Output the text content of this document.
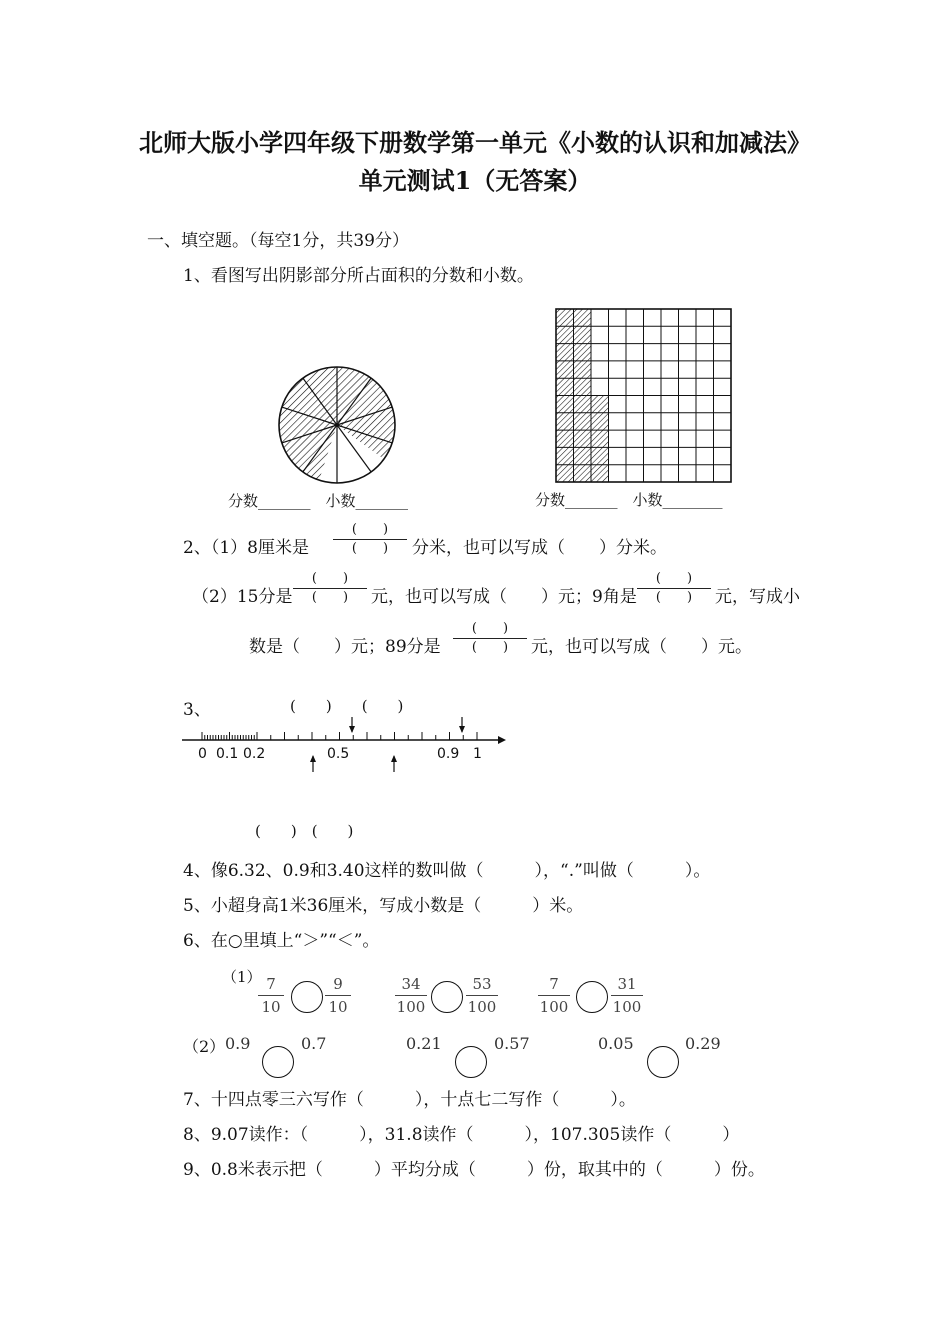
北师大版小学四年级下册数学第一单元《小数的认识和加减法》
单元测试1（无答案）
一、填空题。（每空1分，共39分）
1、看图写出阴影部分所占面积的分数和小数。
分数_______　小数_______	分数_______　小数________
2、（1）8厘米是
(　　)
(　　)	分米，也可以写成（　　）分米。
（2）15分是
(　　)
(　　)	元，也可以写成（　　）元；9角是
(　　)
(　　)	元，写成小
数是（　　）元；89分是
(　　)
(　　)	元，也可以写成（　　）元。
3、	(　　)　　(　　)
0 0.1 0.2	0.5	0.9 1
(　　)　(　　)
4、像6.32、0.9和3.40这样的数叫做（　　　），“.”叫做（　　　）。
5、小超身高1米36厘米，写成小数是（　　　）米。
6、在○里填上“＞”“＜”。
（1） 7
10
9
10
34
100
53
100
7
100
31
100
（2） 0.9	0.7	0.21	0.57	0.05	0.29
7、十四点零三六写作（　　　），十点七二写作（　　　）。
8、9.07读作：（　　　），31.8读作（　　　），107.305读作（　　　）
9、0.8米表示把（　　　）平均分成（　　　）份，取其中的（　　　）份。
